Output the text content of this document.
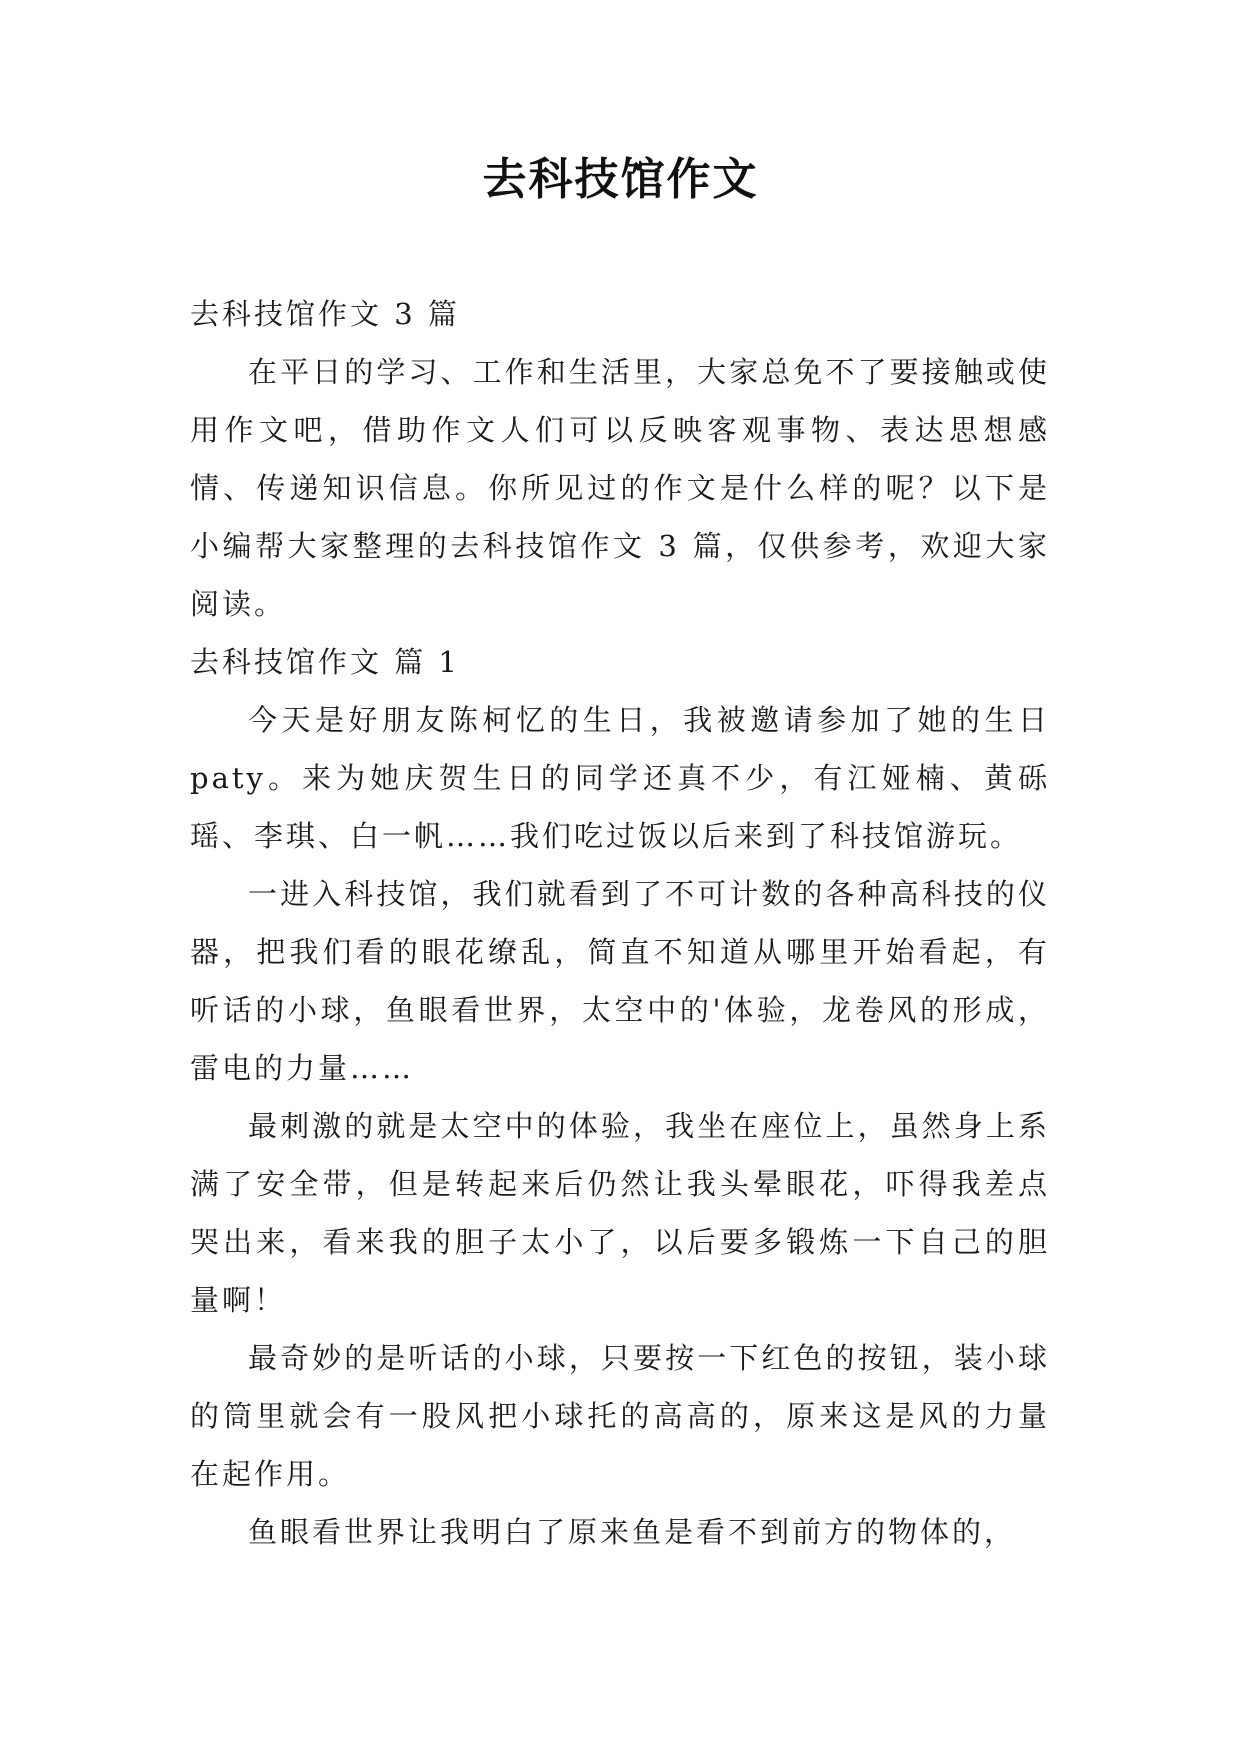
去科技馆作文

去科技馆作文 3 篇

在平日的学习、工作和生活里，大家总免不了要接触或使用作文吧，借助作文人们可以反映客观事物、表达思想感情、传递知识信息。你所见过的作文是什么样的呢？以下是小编帮大家整理的去科技馆作文 3 篇，仅供参考，欢迎大家阅读。

去科技馆作文 篇 1

今天是好朋友陈柯忆的生日，我被邀请参加了她的生日 paty。来为她庆贺生日的同学还真不少，有江娅楠、黄砾瑶、李琪、白一帆……我们吃过饭以后来到了科技馆游玩。

一进入科技馆，我们就看到了不可计数的各种高科技的仪器，把我们看的眼花缭乱，简直不知道从哪里开始看起，有听话的小球，鱼眼看世界，太空中的'体验，龙卷风的形成，雷电的力量……

最刺激的就是太空中的体验，我坐在座位上，虽然身上系满了安全带，但是转起来后仍然让我头晕眼花，吓得我差点哭出来，看来我的胆子太小了，以后要多锻炼一下自己的胆量啊！

最奇妙的是听话的小球，只要按一下红色的按钮，装小球的筒里就会有一股风把小球托的高高的，原来这是风的力量在起作用。

鱼眼看世界让我明白了原来鱼是看不到前方的物体的，
